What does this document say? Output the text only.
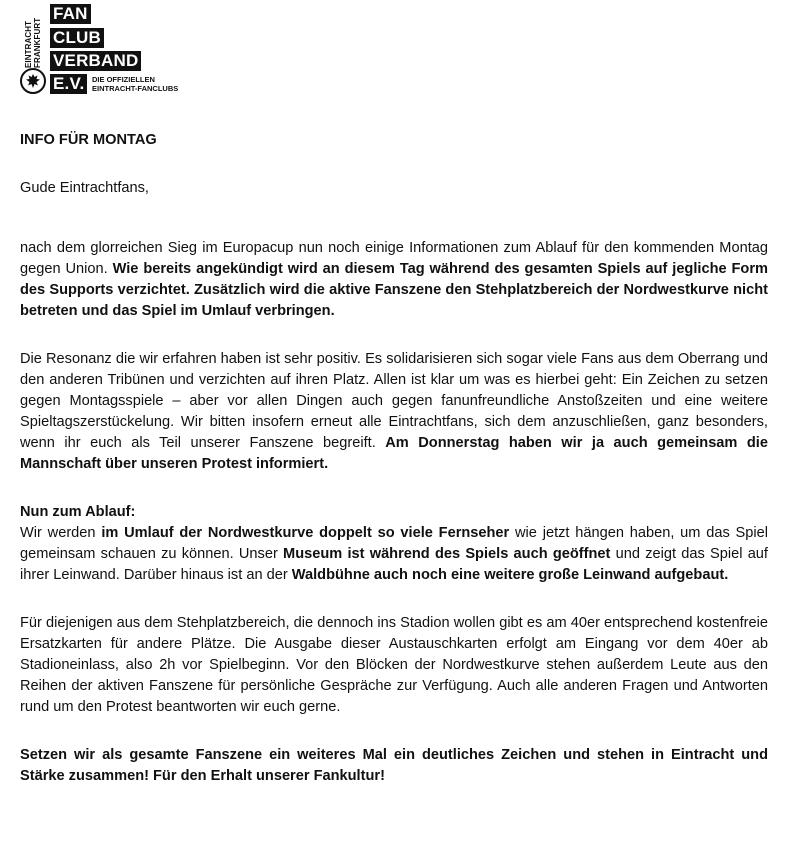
EINTRACHT FRANKFURT
FAN
CLUB
VERBAND
E.V.	DIE OFFIZIELLEN
EINTRACHT-FANCLUBS
INFO FÜR MONTAG

Gude Eintrachtfans,

nach dem glorreichen Sieg im Europacup nun noch einige Informationen zum Ablauf für den kommenden Montag gegen Union. Wie bereits angekündigt wird an diesem Tag während des gesamten Spiels auf jegliche Form des Supports verzichtet. Zusätzlich wird die aktive Fanszene den Stehplatzbereich der Nordwestkurve nicht betreten und das Spiel im Umlauf verbringen.

Die Resonanz die wir erfahren haben ist sehr positiv. Es solidarisieren sich sogar viele Fans aus dem Oberrang und den anderen Tribünen und verzichten auf ihren Platz. Allen ist klar um was es hierbei geht: Ein Zeichen zu setzen gegen Montagsspiele – aber vor allen Dingen auch gegen fanunfreundliche Anstoßzeiten und eine weitere Spieltagszerstückelung. Wir bitten insofern erneut alle Eintrachtfans, sich dem anzuschließen, ganz besonders, wenn ihr euch als Teil unserer Fanszene begreift. Am Donnerstag haben wir ja auch gemeinsam die Mannschaft über unseren Protest informiert.

Nun zum Ablauf:

Wir werden im Umlauf der Nordwestkurve doppelt so viele Fernseher wie jetzt hängen haben, um das Spiel gemeinsam schauen zu können. Unser Museum ist während des Spiels auch geöffnet und zeigt das Spiel auf ihrer Leinwand. Darüber hinaus ist an der Waldbühne auch noch eine weitere große Leinwand aufgebaut.

Für diejenigen aus dem Stehplatzbereich, die dennoch ins Stadion wollen gibt es am 40er entsprechend kostenfreie Ersatzkarten für andere Plätze. Die Ausgabe dieser Austauschkarten erfolgt am Eingang vor dem 40er ab Stadioneinlass, also 2h vor Spielbeginn. Vor den Blöcken der Nordwestkurve stehen außerdem Leute aus den Reihen der aktiven Fanszene für persönliche Gespräche zur Verfügung. Auch alle anderen Fragen und Antworten rund um den Protest beantworten wir euch gerne.

Setzen wir als gesamte Fanszene ein weiteres Mal ein deutliches Zeichen und stehen in Eintracht und Stärke zusammen! Für den Erhalt unserer Fankultur!
